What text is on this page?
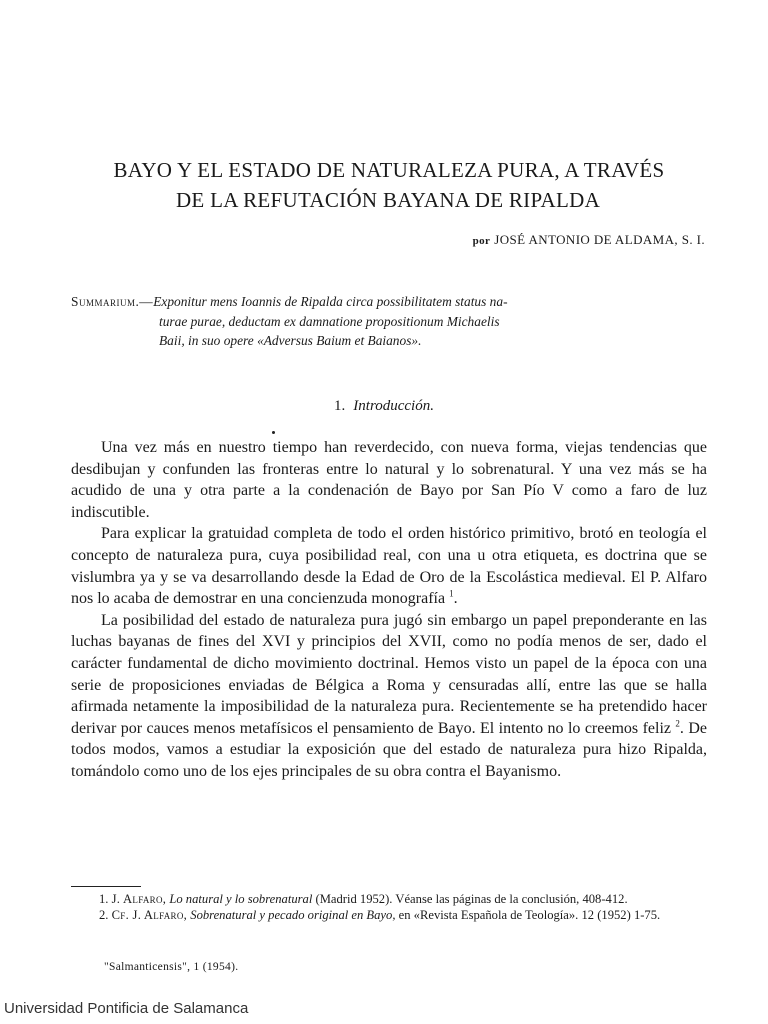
BAYO Y EL ESTADO DE NATURALEZA PURA, A TRAVÉS
DE LA REFUTACIÓN BAYANA DE RIPALDA
por JOSÉ ANTONIO DE ALDAMA, S. I.
Summarium.—Exponitur mens Ioannis de Ripalda circa possibilitatem status na-
turae purae, deductam ex damnatione propositionum Michaelis
Baii, in suo opere «Adversus Baium et Baianos».
1. Introducción.

Una vez más en nuestro tiempo han reverdecido, con nueva forma, viejas tendencias que desdibujan y confunden las fronteras entre lo natural y lo sobrenatural. Y una vez más se ha acudido de una y otra parte a la condenación de Bayo por San Pío V como a faro de luz indiscutible.

Para explicar la gratuidad completa de todo el orden histórico primitivo, brotó en teología el concepto de naturaleza pura, cuya posibilidad real, con una u otra etiqueta, es doctrina que se vislumbra ya y se va desarrollando desde la Edad de Oro de la Escolástica medieval. El P. Alfaro nos lo acaba de demostrar en una concienzuda monografía $^1$.

La posibilidad del estado de naturaleza pura jugó sin embargo un papel preponderante en las luchas bayanas de fines del XVI y principios del XVII, como no podía menos de ser, dado el carácter fundamental de dicho movimiento doctrinal. Hemos visto un papel de la época con una serie de proposiciones enviadas de Bélgica a Roma y censuradas allí, entre las que se halla afirmada netamente la imposibilidad de la naturaleza pura. Recientemente se ha pretendido hacer derivar por cauces menos metafísicos el pensamiento de Bayo. El intento no lo creemos feliz $^2$. De todos modos, vamos a estudiar la exposición que del estado de naturaleza pura hizo Ripalda, tomándolo como uno de los ejes principales de su obra contra el Bayanismo.

1. J. Alfaro, Lo natural y lo sobrenatural (Madrid 1952). Véanse las páginas de la conclusión, 408-412.

2. Cf. J. Alfaro, Sobrenatural y pecado original en Bayo, en «Revista Española de Teología». 12 (1952) 1-75.

"Salmanticensis", 1 (1954).
Universidad Pontificia de Salamanca
